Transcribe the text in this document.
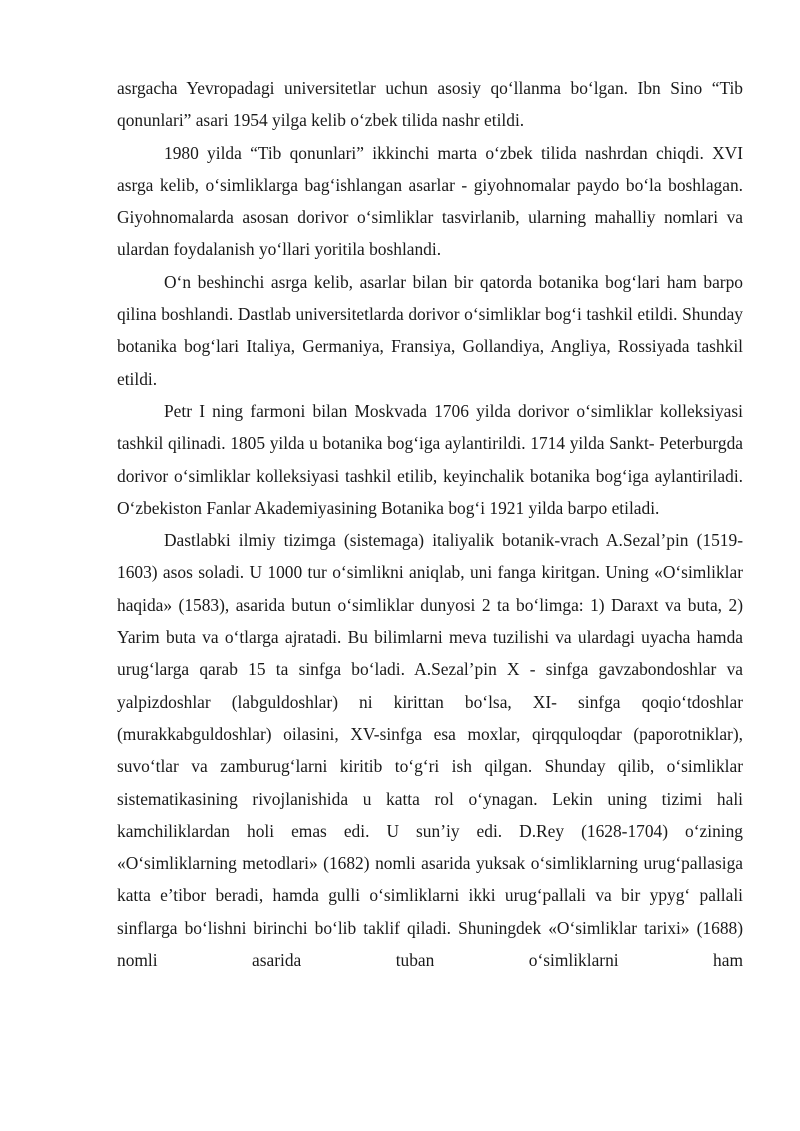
asrgacha Yevropadagi universitetlar uchun asosiy qo‘llanma bo‘lgan. Ibn Sino “Tib qonunlari” asari 1954 yilga kelib o‘zbek tilida nashr etildi.

1980 yilda “Tib qonunlari” ikkinchi marta o‘zbek tilida nashrdan chiqdi. XVI asrga kelib, o‘simliklarga bag‘ishlangan asarlar - giyohnomalar paydo bo‘la boshlagan. Giyohnomalarda asosan dorivor o‘simliklar tasvirlanib, ularning mahalliy nomlari va ulardan foydalanish yo‘llari yoritila boshlandi.

O‘n beshinchi asrga kelib, asarlar bilan bir qatorda botanika bog‘lari ham barpo qilina boshlandi. Dastlab universitetlarda dorivor o‘simliklar bog‘i tashkil etildi. Shunday botanika bog‘lari Italiya, Germaniya, Fransiya, Gollandiya, Angliya, Rossiyada tashkil etildi.

Petr I ning farmoni bilan Moskvada 1706 yilda dorivor o‘simliklar kolleksiyasi tashkil qilinadi. 1805 yilda u botanika bog‘iga aylantirildi. 1714 yilda Sankt- Peterburgda dorivor o‘simliklar kolleksiyasi tashkil etilib, keyinchalik botanika bog‘iga aylantiriladi. O‘zbekiston Fanlar Akademiyasining Botanika bog‘i 1921 yilda barpo etiladi.

Dastlabki ilmiy tizimga (sistemaga) italiyalik botanik-vrach A.Sezal’pin (1519-1603) asos soladi. U 1000 tur o‘simlikni aniqlab, uni fanga kiritgan. Uning «O‘simliklar haqida» (1583), asarida butun o‘simliklar dunyosi 2 ta bo‘limga: 1) Daraxt va buta, 2) Yarim buta va o‘tlarga ajratadi. Bu bilimlarni meva tuzilishi va ulardagi uyacha hamda urug‘larga qarab 15 ta sinfga bo‘ladi. A.Sezal’pin X - sinfga gavzabondoshlar va yalpizdoshlar (labguldoshlar) ni kirittan bo‘lsa, XI- sinfga qoqio‘tdoshlar (murakkabguldoshlar) oilasini, XV-sinfga esa moxlar, qirqquloqdar (paporotniklar), suvo‘tlar va zamburug‘larni kiritib to‘g‘ri ish qilgan. Shunday qilib, o‘simliklar sistematikasining rivojlanishida u katta rol o‘ynagan. Lekin uning tizimi hali kamchiliklardan holi emas edi. U sun’iy edi. D.Rey (1628-1704) o‘zining «O‘simliklarning metodlari» (1682) nomli asarida yuksak o‘simliklarning urug‘pallasiga katta e’tibor beradi, hamda gulli o‘simliklarni ikki urug‘pallali va bir ypyg‘ pallali sinflarga bo‘lishni birinchi bo‘lib taklif qiladi. Shuningdek «O‘simliklar tarixi» (1688) nomli asarida tuban o‘simliklarni ham
